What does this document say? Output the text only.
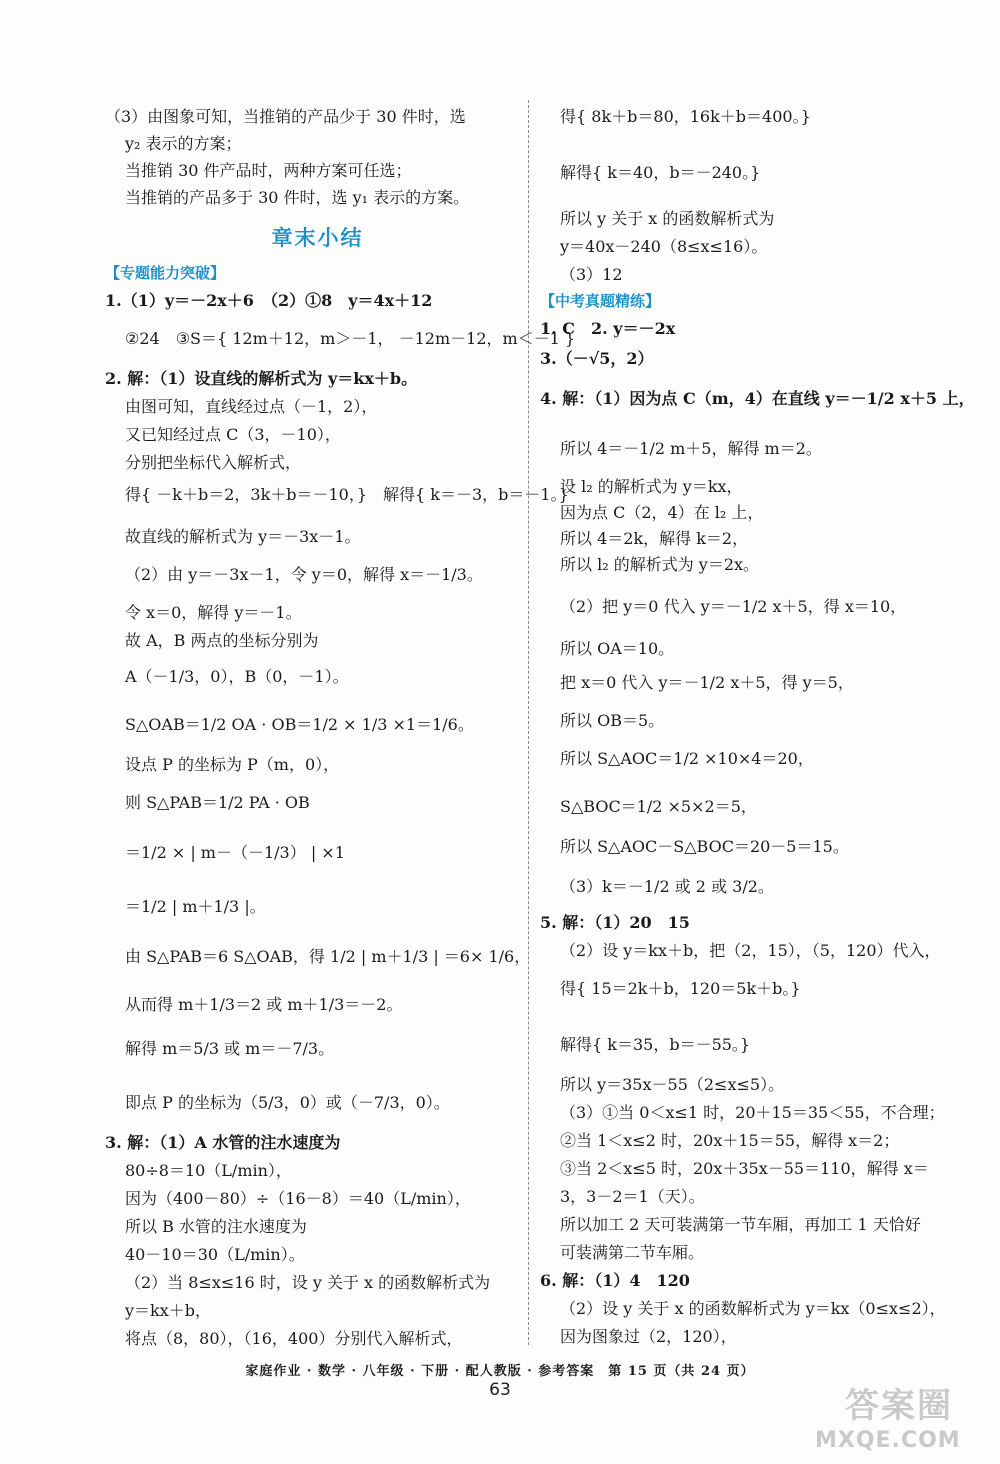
（3）由图象可知，当推销的产品少于 30 件时，选
y₂ 表示的方案；
当推销 30 件产品时，两种方案可任选；
当推销的产品多于 30 件时，选 y₁ 表示的方案。
章末小结
【专题能力突破】
1.（1）y＝－2x＋6　（2）①8　y＝4x＋12
②24　③S＝{ 12m＋12，m＞－1， －12m－12，m＜－1 }
2. 解：（1）设直线的解析式为 y＝kx＋b。
由图可知，直线经过点（－1，2），
又已知经过点 C（3，－10），
分别把坐标代入解析式，
得{ －k＋b＝2，3k＋b＝－10，}　解得{ k＝－3，b＝－1。}
故直线的解析式为 y＝－3x－1。
（2）由 y＝－3x－1，令 y＝0，解得 x＝－1/3。
令 x＝0，解得 y＝－1。
故 A，B 两点的坐标分别为
A（－1/3，0），B（0，－1）。
S△OAB＝1/2 OA · OB＝1/2 × 1/3 ×1＝1/6。
设点 P 的坐标为 P（m，0），
则 S△PAB＝1/2 PA · OB
＝1/2 × | m－（－1/3） | ×1
＝1/2 | m＋1/3 |。
由 S△PAB＝6 S△OAB，得 1/2 | m＋1/3 | ＝6× 1/6，
从而得 m＋1/3＝2 或 m＋1/3＝－2。
解得 m＝5/3 或 m＝－7/3。
即点 P 的坐标为（5/3，0）或（－7/3，0）。
3. 解：（1）A 水管的注水速度为
80÷8＝10（L/min），
因为（400－80）÷（16－8）＝40（L/min），
所以 B 水管的注水速度为
40－10＝30（L/min）。
（2）当 8≤x≤16 时，设 y 关于 x 的函数解析式为
y＝kx＋b，
将点（8，80），（16，400）分别代入解析式，
得{ 8k＋b＝80，16k＋b＝400。}
解得{ k＝40，b＝－240。}
所以 y 关于 x 的函数解析式为
y＝40x－240（8≤x≤16）。
（3）12
【中考真题精练】
1. C　2. y＝－2x
3.（－√5，2）
4. 解：（1）因为点 C（m，4）在直线 y＝－1/2 x＋5 上，
所以 4＝－1/2 m＋5，解得 m＝2。
设 l₂ 的解析式为 y＝kx，
因为点 C（2，4）在 l₂ 上，
所以 4＝2k，解得 k＝2，
所以 l₂ 的解析式为 y＝2x。
（2）把 y＝0 代入 y＝－1/2 x＋5，得 x＝10，
所以 OA＝10。
把 x＝0 代入 y＝－1/2 x＋5，得 y＝5，
所以 OB＝5。
所以 S△AOC＝1/2 ×10×4＝20，
S△BOC＝1/2 ×5×2＝5，
所以 S△AOC－S△BOC＝20－5＝15。
（3）k＝－1/2 或 2 或 3/2。
5. 解：（1）20　15
（2）设 y＝kx＋b，把（2，15），（5，120）代入，
得{ 15＝2k＋b，120＝5k＋b。}
解得{ k＝35，b＝－55。}
所以 y＝35x－55（2≤x≤5）。
（3）①当 0＜x≤1 时，20＋15＝35＜55，不合理；
②当 1＜x≤2 时，20x＋15＝55，解得 x＝2；
③当 2＜x≤5 时，20x＋35x－55＝110，解得 x＝
3，3－2＝1（天）。
所以加工 2 天可装满第一节车厢，再加工 1 天恰好
可装满第二节车厢。
6. 解：（1）4　120
（2）设 y 关于 x 的函数解析式为 y＝kx（0≤x≤2），
因为图象过（2，120），
家庭作业 · 数学 · 八年级 · 下册 · 配人教版 · 参考答案　第 15 页（共 24 页）
63	答案圈
MXQE.COM
